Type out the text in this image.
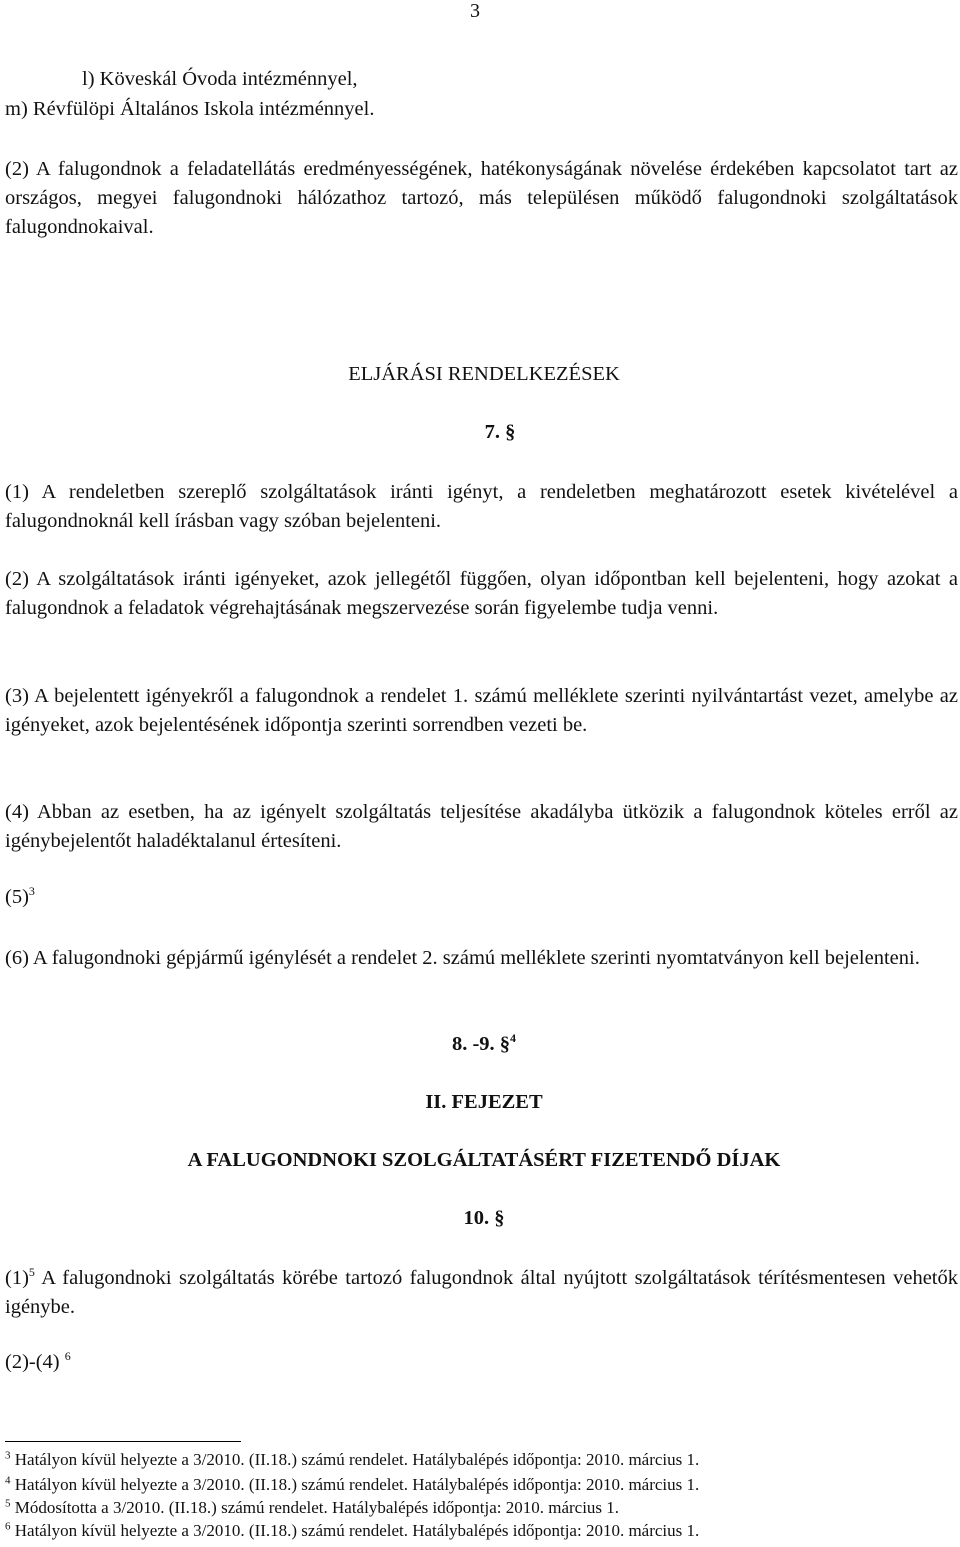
3
l) Köveskál Óvoda intézménnyel,
m) Révfülöpi Általános Iskola intézménnyel.
(2) A falugondnok a feladatellátás eredményességének, hatékonyságának növelése érdekében kapcsolatot tart az országos, megyei falugondnoki hálózathoz tartozó, más településen működő falugondnoki szolgáltatások falugondnokaival.
ELJÁRÁSI RENDELKEZÉSEK
7. §
(1) A rendeletben szereplő szolgáltatások iránti igényt, a rendeletben meghatározott esetek kivételével a falugondnoknál kell írásban vagy szóban bejelenteni.
(2) A szolgáltatások iránti igényeket, azok jellegétől függően, olyan időpontban kell bejelenteni, hogy azokat a falugondnok a feladatok végrehajtásának megszervezése során figyelembe tudja venni.
(3) A bejelentett igényekről a falugondnok a rendelet 1. számú melléklete szerinti nyilvántartást vezet, amelybe az igényeket, azok bejelentésének időpontja szerinti sorrendben vezeti be.
(4) Abban az esetben, ha az igényelt szolgáltatás teljesítése akadályba ütközik a falugondnok köteles erről az igénybejelentőt haladéktalanul értesíteni.
$(5)^3$
(6) A falugondnoki gépjármű igénylését a rendelet 2. számú melléklete szerinti nyomtatványon kell bejelenteni.
8. -9. §$^4$
II. FEJEZET
A FALUGONDNOKI SZOLGÁLTATÁSÉRT FIZETENDŐ DÍJAK
10. §
$(1)^5$ A falugondnoki szolgáltatás körébe tartozó falugondnok által nyújtott szolgáltatások térítésmentesen vehetők igénybe.
(2)-(4) $^6$
$^3$ Hatályon kívül helyezte a 3/2010. (II.18.) számú rendelet. Hatálybalépés időpontja: 2010. március 1.
$^4$ Hatályon kívül helyezte a 3/2010. (II.18.) számú rendelet. Hatálybalépés időpontja: 2010. március 1.
$^5$ Módosította a 3/2010. (II.18.) számú rendelet. Hatálybalépés időpontja: 2010. március 1.
$^6$ Hatályon kívül helyezte a 3/2010. (II.18.) számú rendelet. Hatálybalépés időpontja: 2010. március 1.
